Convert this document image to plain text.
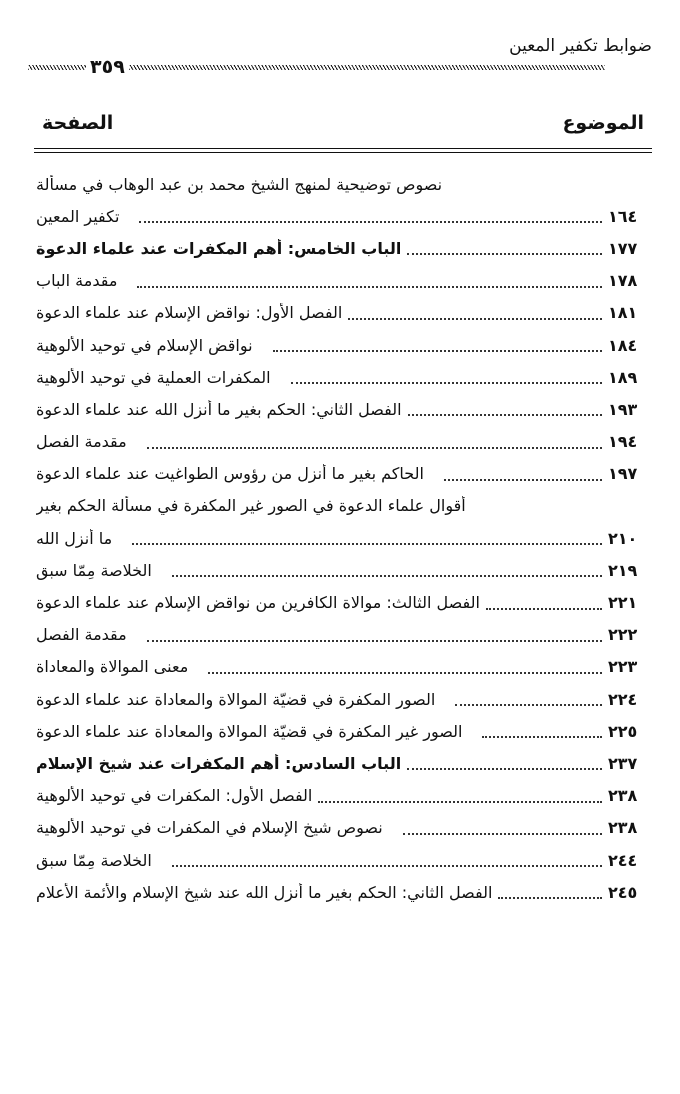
ضوابط تكفير المعين
٣٥٩
الموضوع
الصفحة
نصوص توضيحية لمنهج الشيخ محمد بن عبد الوهاب في مسألة
تكفير المعين	١٦٤
الباب الخامس: أهم المكفرات عند علماء الدعوة	١٧٧
مقدمة الباب	١٧٨
الفصل الأول: نواقض الإسلام عند علماء الدعوة	١٨١
نواقض الإسلام في توحيد الألوهية	١٨٤
المكفرات العملية في توحيد الألوهية	١٨٩
الفصل الثاني: الحكم بغير ما أنزل الله عند علماء الدعوة	١٩٣
مقدمة الفصل	١٩٤
الحاكم بغير ما أنزل من رؤوس الطواغيت عند علماء الدعوة	١٩٧
أقوال علماء الدعوة في الصور غير المكفرة في مسألة الحكم بغير
ما أنزل الله	٢١٠
الخلاصة مِمّا سبق	٢١٩
الفصل الثالث: موالاة الكافرين من نواقض الإسلام عند علماء الدعوة	٢٢١
مقدمة الفصل	٢٢٢
معنى الموالاة والمعاداة	٢٢٣
الصور المكفرة في قضيّة الموالاة والمعاداة عند علماء الدعوة	٢٢٤
الصور غير المكفرة في قضيّة الموالاة والمعاداة عند علماء الدعوة	٢٢٥
الباب السادس: أهم المكفرات عند شيخ الإسلام	٢٣٧
الفصل الأول: المكفرات في توحيد الألوهية	٢٣٨
نصوص شيخ الإسلام في المكفرات في توحيد الألوهية	٢٣٨
الخلاصة مِمّا سبق	٢٤٤
الفصل الثاني: الحكم بغير ما أنزل الله عند شيخ الإسلام والأئمة الأعلام	٢٤٥
